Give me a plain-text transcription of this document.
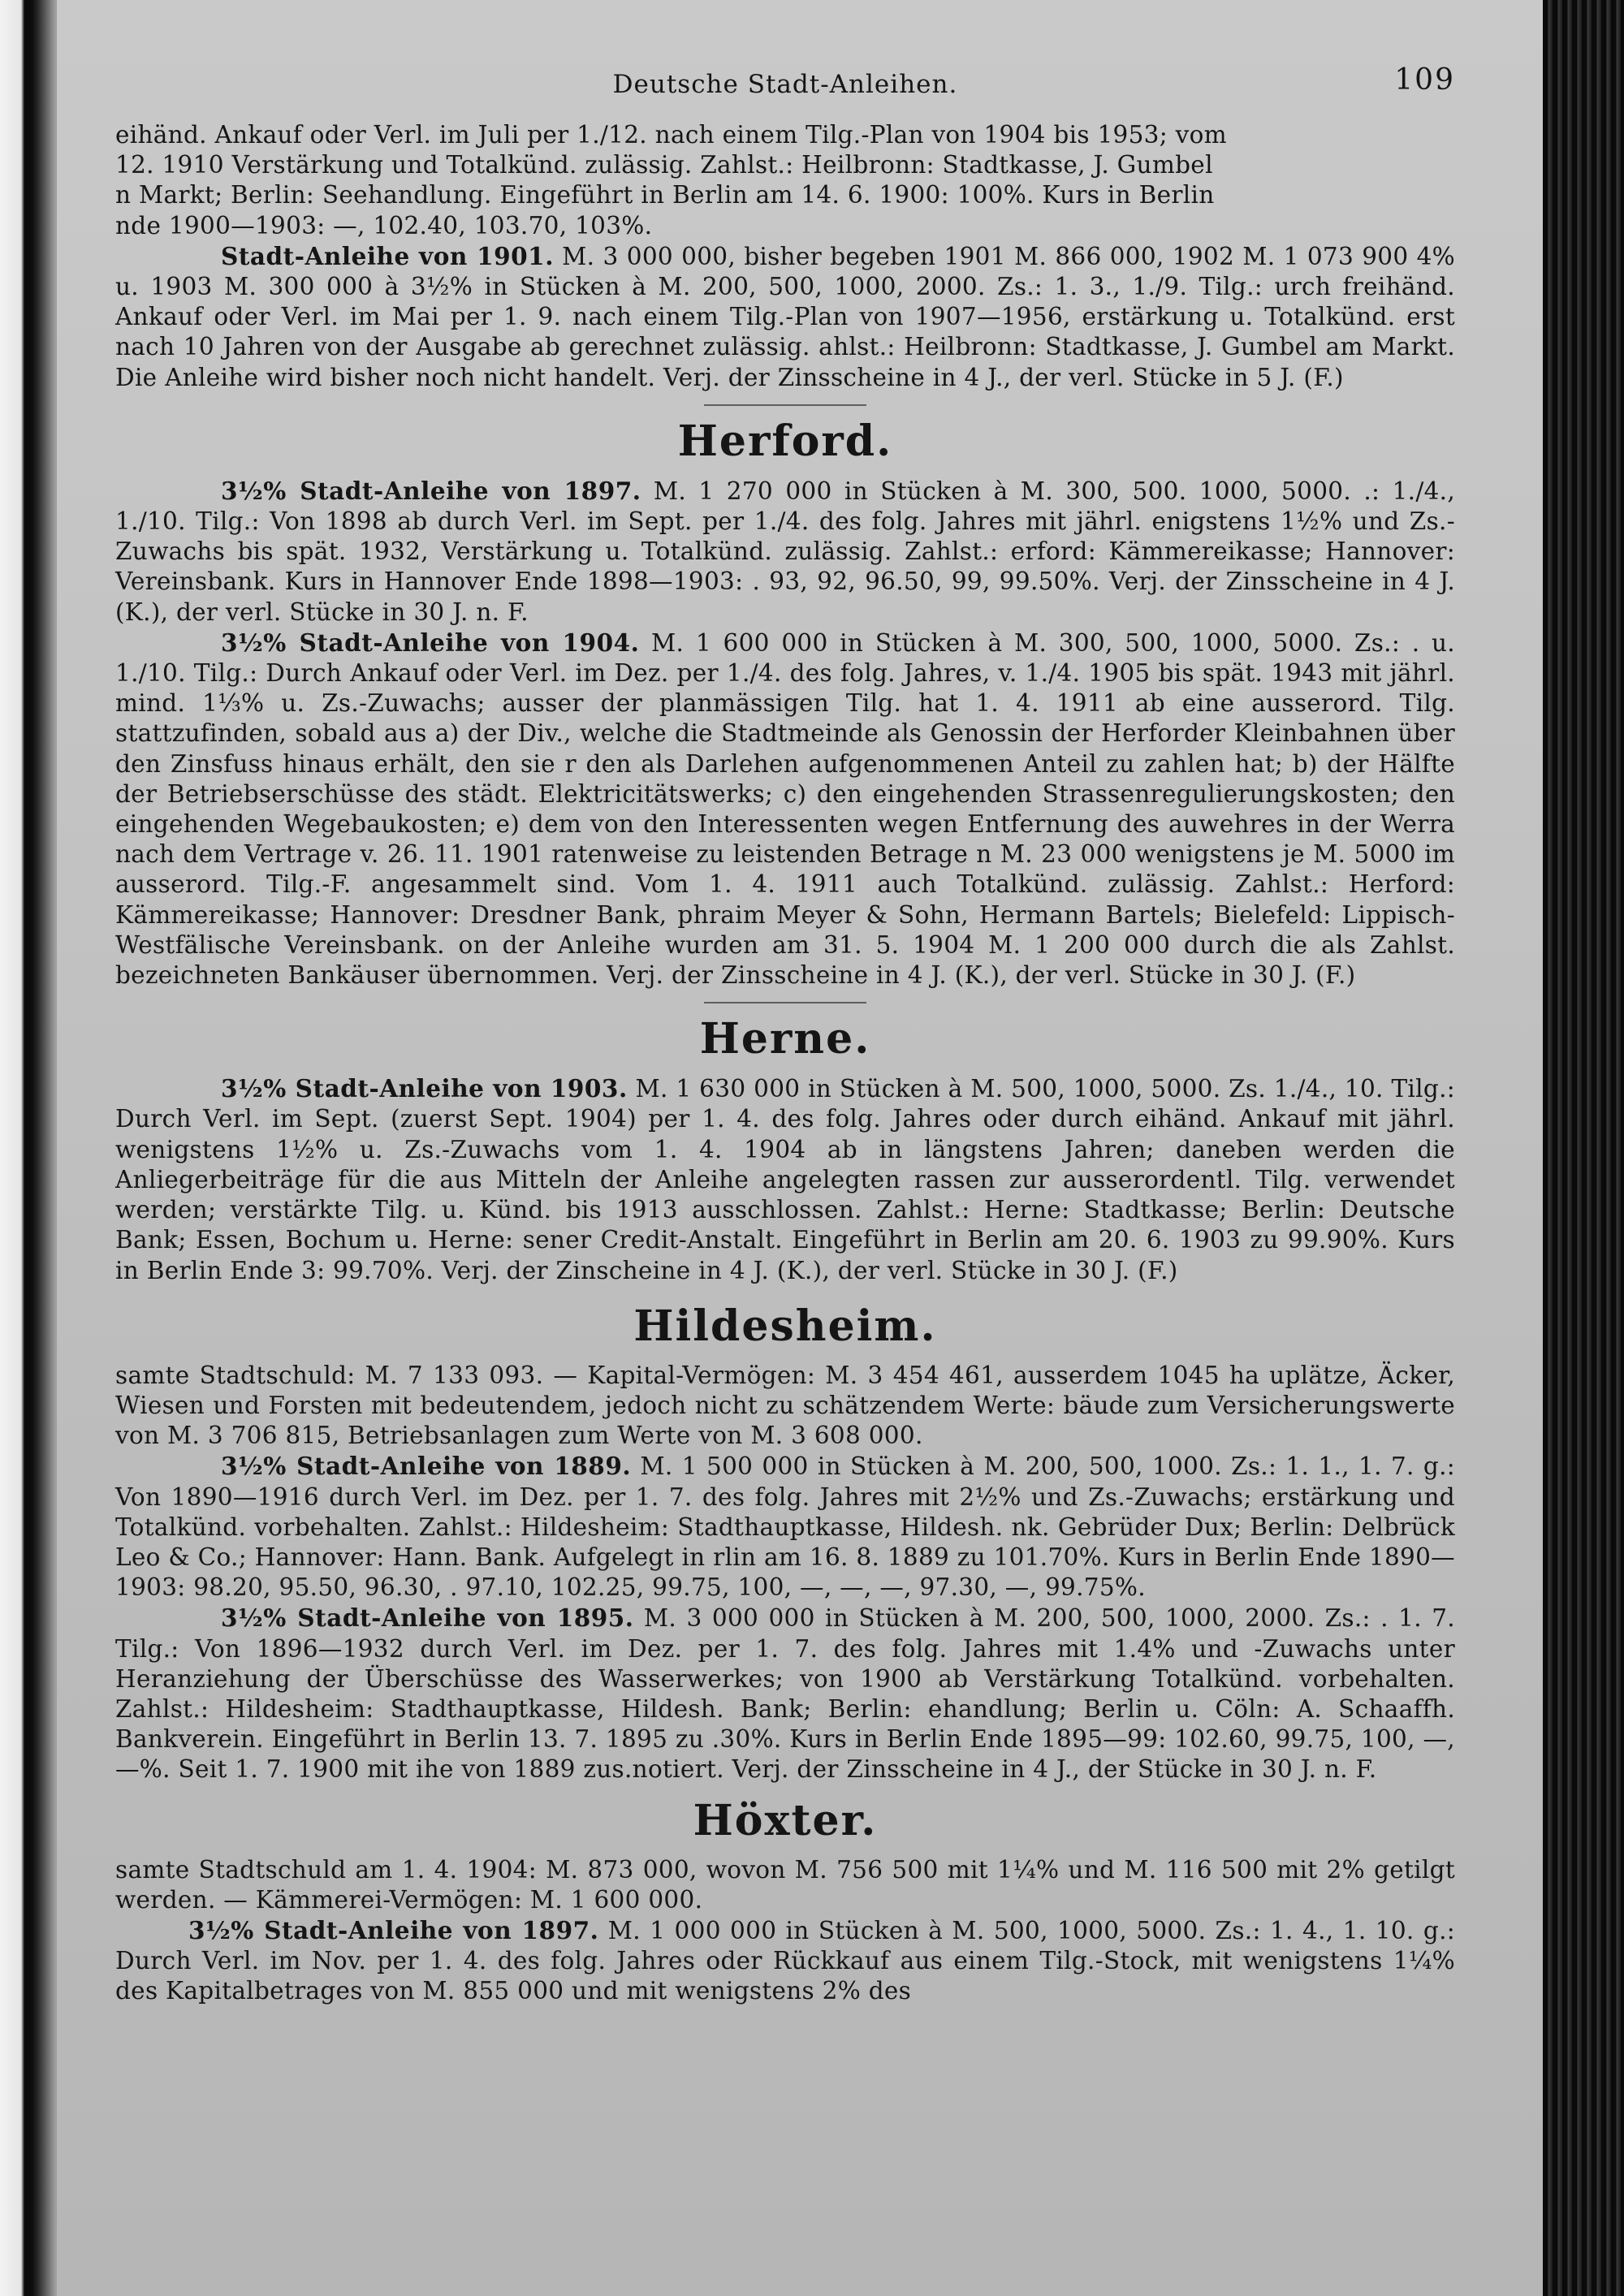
Deutsche Stadt-Anleihen.	109

eihänd. Ankauf oder Verl. im Juli per 1./12. nach einem Tilg.-Plan von 1904 bis 1953; vom

12. 1910 Verstärkung und Totalkünd. zulässig. Zahlst.: Heilbronn: Stadtkasse, J. Gumbel

n Markt; Berlin: Seehandlung. Eingeführt in Berlin am 14. 6. 1900: 100%. Kurs in Berlin

nde 1900—1903: —, 102.40, 103.70, 103%.

Stadt-Anleihe von 1901. M. 3 000 000, bisher begeben 1901 M. 866 000, 1902 M. 1 073 900 4% u. 1903 M. 300 000 à 3½% in Stücken à M. 200, 500, 1000, 2000. Zs.: 1. 3., 1./9. Tilg.: urch freihänd. Ankauf oder Verl. im Mai per 1. 9. nach einem Tilg.-Plan von 1907—1956, erstärkung u. Totalkünd. erst nach 10 Jahren von der Ausgabe ab gerechnet zulässig. ahlst.: Heilbronn: Stadtkasse, J. Gumbel am Markt. Die Anleihe wird bisher noch nicht handelt. Verj. der Zinsscheine in 4 J., der verl. Stücke in 5 J. (F.)

Herford.

3½% Stadt-Anleihe von 1897. M. 1 270 000 in Stücken à M. 300, 500. 1000, 5000. .: 1./4., 1./10. Tilg.: Von 1898 ab durch Verl. im Sept. per 1./4. des folg. Jahres mit jährl. enigstens 1½% und Zs.-Zuwachs bis spät. 1932, Verstärkung u. Totalkünd. zulässig. Zahlst.: erford: Kämmereikasse; Hannover: Vereinsbank. Kurs in Hannover Ende 1898—1903: . 93, 92, 96.50, 99, 99.50%. Verj. der Zinsscheine in 4 J. (K.), der verl. Stücke in 30 J. n. F.

3½% Stadt-Anleihe von 1904. M. 1 600 000 in Stücken à M. 300, 500, 1000, 5000. Zs.: . u. 1./10. Tilg.: Durch Ankauf oder Verl. im Dez. per 1./4. des folg. Jahres, v. 1./4. 1905 bis spät. 1943 mit jährl. mind. 1⅓% u. Zs.-Zuwachs; ausser der planmässigen Tilg. hat 1. 4. 1911 ab eine ausserord. Tilg. stattzufinden, sobald aus a) der Div., welche die Stadtmeinde als Genossin der Herforder Kleinbahnen über den Zinsfuss hinaus erhält, den sie r den als Darlehen aufgenommenen Anteil zu zahlen hat; b) der Hälfte der Betriebserschüsse des städt. Elektricitätswerks; c) den eingehenden Strassenregulierungskosten; den eingehenden Wegebaukosten; e) dem von den Interessenten wegen Entfernung des auwehres in der Werra nach dem Vertrage v. 26. 11. 1901 ratenweise zu leistenden Betrage n M. 23 000 wenigstens je M. 5000 im ausserord. Tilg.-F. angesammelt sind. Vom 1. 4. 1911 auch Totalkünd. zulässig. Zahlst.: Herford: Kämmereikasse; Hannover: Dresdner Bank, phraim Meyer & Sohn, Hermann Bartels; Bielefeld: Lippisch-Westfälische Vereinsbank. on der Anleihe wurden am 31. 5. 1904 M. 1 200 000 durch die als Zahlst. bezeichneten Bankäuser übernommen. Verj. der Zinsscheine in 4 J. (K.), der verl. Stücke in 30 J. (F.)

Herne.

3½% Stadt-Anleihe von 1903. M. 1 630 000 in Stücken à M. 500, 1000, 5000. Zs. 1./4., 10. Tilg.: Durch Verl. im Sept. (zuerst Sept. 1904) per 1. 4. des folg. Jahres oder durch eihänd. Ankauf mit jährl. wenigstens 1½% u. Zs.-Zuwachs vom 1. 4. 1904 ab in längstens Jahren; daneben werden die Anliegerbeiträge für die aus Mitteln der Anleihe angelegten rassen zur ausserordentl. Tilg. verwendet werden; verstärkte Tilg. u. Künd. bis 1913 ausschlossen. Zahlst.: Herne: Stadtkasse; Berlin: Deutsche Bank; Essen, Bochum u. Herne: sener Credit-Anstalt. Eingeführt in Berlin am 20. 6. 1903 zu 99.90%. Kurs in Berlin Ende 3: 99.70%. Verj. der Zinscheine in 4 J. (K.), der verl. Stücke in 30 J. (F.)

Hildesheim.

samte Stadtschuld: M. 7 133 093. — Kapital-Vermögen: M. 3 454 461, ausserdem 1045 ha uplätze, Äcker, Wiesen und Forsten mit bedeutendem, jedoch nicht zu schätzendem Werte: bäude zum Versicherungswerte von M. 3 706 815, Betriebsanlagen zum Werte von M. 3 608 000.

3½% Stadt-Anleihe von 1889. M. 1 500 000 in Stücken à M. 200, 500, 1000. Zs.: 1. 1., 1. 7. g.: Von 1890—1916 durch Verl. im Dez. per 1. 7. des folg. Jahres mit 2½% und Zs.-Zuwachs; erstärkung und Totalkünd. vorbehalten. Zahlst.: Hildesheim: Stadthauptkasse, Hildesh. nk. Gebrüder Dux; Berlin: Delbrück Leo & Co.; Hannover: Hann. Bank. Aufgelegt in rlin am 16. 8. 1889 zu 101.70%. Kurs in Berlin Ende 1890—1903: 98.20, 95.50, 96.30, . 97.10, 102.25, 99.75, 100, —, —, —, 97.30, —, 99.75%.

3½% Stadt-Anleihe von 1895. M. 3 000 000 in Stücken à M. 200, 500, 1000, 2000. Zs.: . 1. 7. Tilg.: Von 1896—1932 durch Verl. im Dez. per 1. 7. des folg. Jahres mit 1.4% und -Zuwachs unter Heranziehung der Überschüsse des Wasserwerkes; von 1900 ab Verstärkung Totalkünd. vorbehalten. Zahlst.: Hildesheim: Stadthauptkasse, Hildesh. Bank; Berlin: ehandlung; Berlin u. Cöln: A. Schaaffh. Bankverein. Eingeführt in Berlin 13. 7. 1895 zu .30%. Kurs in Berlin Ende 1895—99: 102.60, 99.75, 100, —, —%. Seit 1. 7. 1900 mit ihe von 1889 zus.notiert. Verj. der Zinsscheine in 4 J., der Stücke in 30 J. n. F.

Höxter.

samte Stadtschuld am 1. 4. 1904: M. 873 000, wovon M. 756 500 mit 1¼% und M. 116 500 mit 2% getilgt werden. — Kämmerei-Vermögen: M. 1 600 000.

3½% Stadt-Anleihe von 1897. M. 1 000 000 in Stücken à M. 500, 1000, 5000. Zs.: 1. 4., 1. 10. g.: Durch Verl. im Nov. per 1. 4. des folg. Jahres oder Rückkauf aus einem Tilg.-Stock, mit wenigstens 1¼% des Kapitalbetrages von M. 855 000 und mit wenigstens 2% des
